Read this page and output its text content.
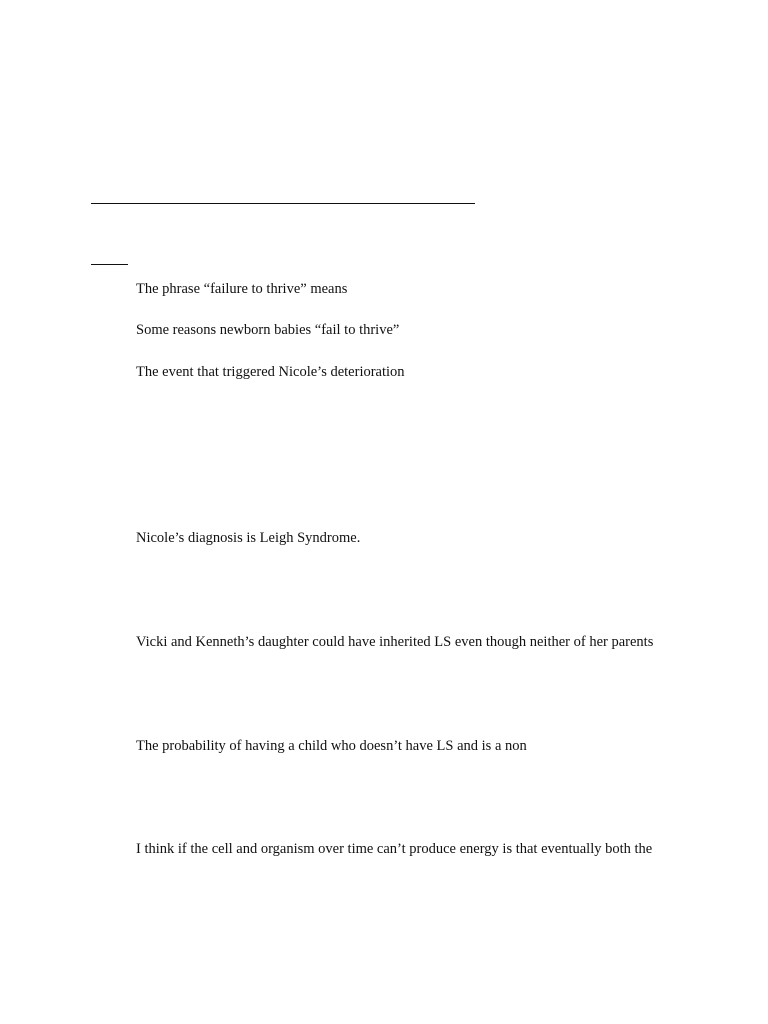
The phrase “failure to thrive” means
Some reasons newborn babies “fail to thrive”
The event that triggered Nicole’s deterioration
Nicole’s diagnosis is Leigh Syndrome.
Vicki and Kenneth’s daughter could have inherited LS even though neither of her parents
The probability of having a child who doesn’t have LS and is a non
I think if the cell and organism over time can’t produce energy is that eventually both the
